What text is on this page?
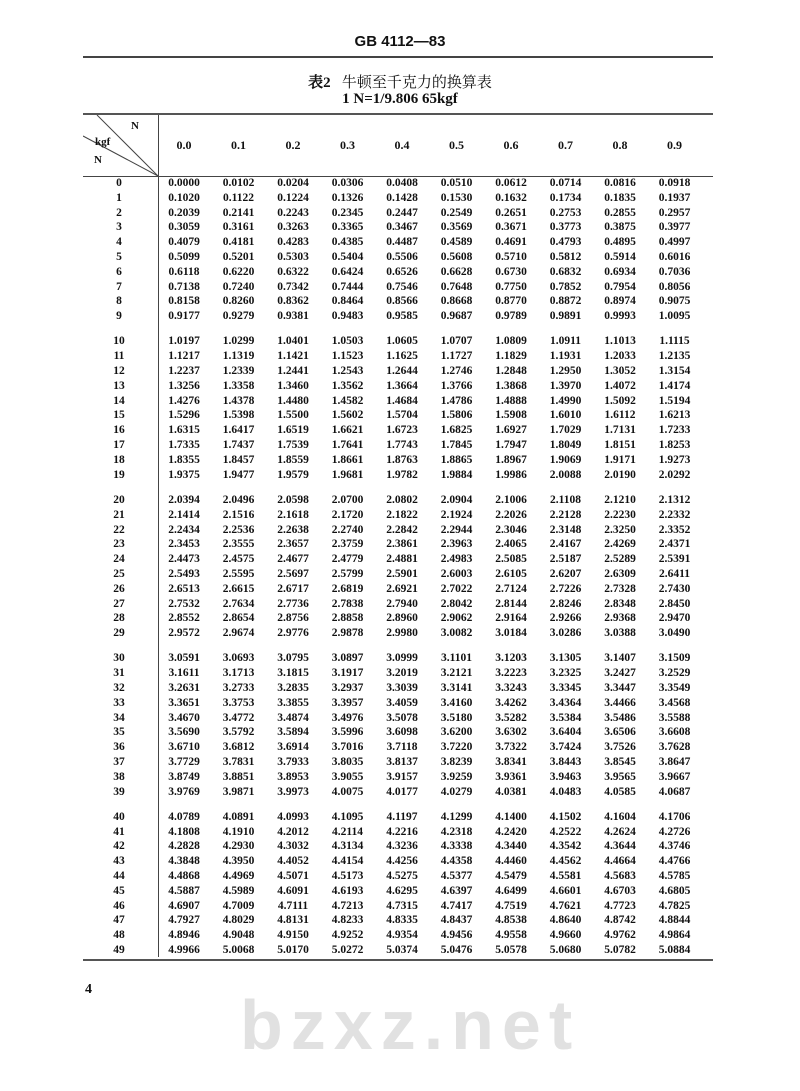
GB 4112—83
表2 牛顿至千克力的换算表
1 N=1/9.806 65kgf
N
kgf
N
0.0	0.1	0.2	0.3	0.4	0.5	0.6	0.7	0.8	0.9
0	0.0000	0.0102	0.0204	0.0306	0.0408	0.0510	0.0612	0.0714	0.0816	0.0918
1	0.1020	0.1122	0.1224	0.1326	0.1428	0.1530	0.1632	0.1734	0.1835	0.1937
2	0.2039	0.2141	0.2243	0.2345	0.2447	0.2549	0.2651	0.2753	0.2855	0.2957
3	0.3059	0.3161	0.3263	0.3365	0.3467	0.3569	0.3671	0.3773	0.3875	0.3977
4	0.4079	0.4181	0.4283	0.4385	0.4487	0.4589	0.4691	0.4793	0.4895	0.4997
5	0.5099	0.5201	0.5303	0.5404	0.5506	0.5608	0.5710	0.5812	0.5914	0.6016
6	0.6118	0.6220	0.6322	0.6424	0.6526	0.6628	0.6730	0.6832	0.6934	0.7036
7	0.7138	0.7240	0.7342	0.7444	0.7546	0.7648	0.7750	0.7852	0.7954	0.8056
8	0.8158	0.8260	0.8362	0.8464	0.8566	0.8668	0.8770	0.8872	0.8974	0.9075
9	0.9177	0.9279	0.9381	0.9483	0.9585	0.9687	0.9789	0.9891	0.9993	1.0095
10	1.0197	1.0299	1.0401	1.0503	1.0605	1.0707	1.0809	1.0911	1.1013	1.1115
11	1.1217	1.1319	1.1421	1.1523	1.1625	1.1727	1.1829	1.1931	1.2033	1.2135
12	1.2237	1.2339	1.2441	1.2543	1.2644	1.2746	1.2848	1.2950	1.3052	1.3154
13	1.3256	1.3358	1.3460	1.3562	1.3664	1.3766	1.3868	1.3970	1.4072	1.4174
14	1.4276	1.4378	1.4480	1.4582	1.4684	1.4786	1.4888	1.4990	1.5092	1.5194
15	1.5296	1.5398	1.5500	1.5602	1.5704	1.5806	1.5908	1.6010	1.6112	1.6213
16	1.6315	1.6417	1.6519	1.6621	1.6723	1.6825	1.6927	1.7029	1.7131	1.7233
17	1.7335	1.7437	1.7539	1.7641	1.7743	1.7845	1.7947	1.8049	1.8151	1.8253
18	1.8355	1.8457	1.8559	1.8661	1.8763	1.8865	1.8967	1.9069	1.9171	1.9273
19	1.9375	1.9477	1.9579	1.9681	1.9782	1.9884	1.9986	2.0088	2.0190	2.0292
20	2.0394	2.0496	2.0598	2.0700	2.0802	2.0904	2.1006	2.1108	2.1210	2.1312
21	2.1414	2.1516	2.1618	2.1720	2.1822	2.1924	2.2026	2.2128	2.2230	2.2332
22	2.2434	2.2536	2.2638	2.2740	2.2842	2.2944	2.3046	2.3148	2.3250	2.3352
23	2.3453	2.3555	2.3657	2.3759	2.3861	2.3963	2.4065	2.4167	2.4269	2.4371
24	2.4473	2.4575	2.4677	2.4779	2.4881	2.4983	2.5085	2.5187	2.5289	2.5391
25	2.5493	2.5595	2.5697	2.5799	2.5901	2.6003	2.6105	2.6207	2.6309	2.6411
26	2.6513	2.6615	2.6717	2.6819	2.6921	2.7022	2.7124	2.7226	2.7328	2.7430
27	2.7532	2.7634	2.7736	2.7838	2.7940	2.8042	2.8144	2.8246	2.8348	2.8450
28	2.8552	2.8654	2.8756	2.8858	2.8960	2.9062	2.9164	2.9266	2.9368	2.9470
29	2.9572	2.9674	2.9776	2.9878	2.9980	3.0082	3.0184	3.0286	3.0388	3.0490
30	3.0591	3.0693	3.0795	3.0897	3.0999	3.1101	3.1203	3.1305	3.1407	3.1509
31	3.1611	3.1713	3.1815	3.1917	3.2019	3.2121	3.2223	3.2325	3.2427	3.2529
32	3.2631	3.2733	3.2835	3.2937	3.3039	3.3141	3.3243	3.3345	3.3447	3.3549
33	3.3651	3.3753	3.3855	3.3957	3.4059	3.4160	3.4262	3.4364	3.4466	3.4568
34	3.4670	3.4772	3.4874	3.4976	3.5078	3.5180	3.5282	3.5384	3.5486	3.5588
35	3.5690	3.5792	3.5894	3.5996	3.6098	3.6200	3.6302	3.6404	3.6506	3.6608
36	3.6710	3.6812	3.6914	3.7016	3.7118	3.7220	3.7322	3.7424	3.7526	3.7628
37	3.7729	3.7831	3.7933	3.8035	3.8137	3.8239	3.8341	3.8443	3.8545	3.8647
38	3.8749	3.8851	3.8953	3.9055	3.9157	3.9259	3.9361	3.9463	3.9565	3.9667
39	3.9769	3.9871	3.9973	4.0075	4.0177	4.0279	4.0381	4.0483	4.0585	4.0687
40	4.0789	4.0891	4.0993	4.1095	4.1197	4.1299	4.1400	4.1502	4.1604	4.1706
41	4.1808	4.1910	4.2012	4.2114	4.2216	4.2318	4.2420	4.2522	4.2624	4.2726
42	4.2828	4.2930	4.3032	4.3134	4.3236	4.3338	4.3440	4.3542	4.3644	4.3746
43	4.3848	4.3950	4.4052	4.4154	4.4256	4.4358	4.4460	4.4562	4.4664	4.4766
44	4.4868	4.4969	4.5071	4.5173	4.5275	4.5377	4.5479	4.5581	4.5683	4.5785
45	4.5887	4.5989	4.6091	4.6193	4.6295	4.6397	4.6499	4.6601	4.6703	4.6805
46	4.6907	4.7009	4.7111	4.7213	4.7315	4.7417	4.7519	4.7621	4.7723	4.7825
47	4.7927	4.8029	4.8131	4.8233	4.8335	4.8437	4.8538	4.8640	4.8742	4.8844
48	4.8946	4.9048	4.9150	4.9252	4.9354	4.9456	4.9558	4.9660	4.9762	4.9864
49	4.9966	5.0068	5.0170	5.0272	5.0374	5.0476	5.0578	5.0680	5.0782	5.0884
4 bzxz.net
